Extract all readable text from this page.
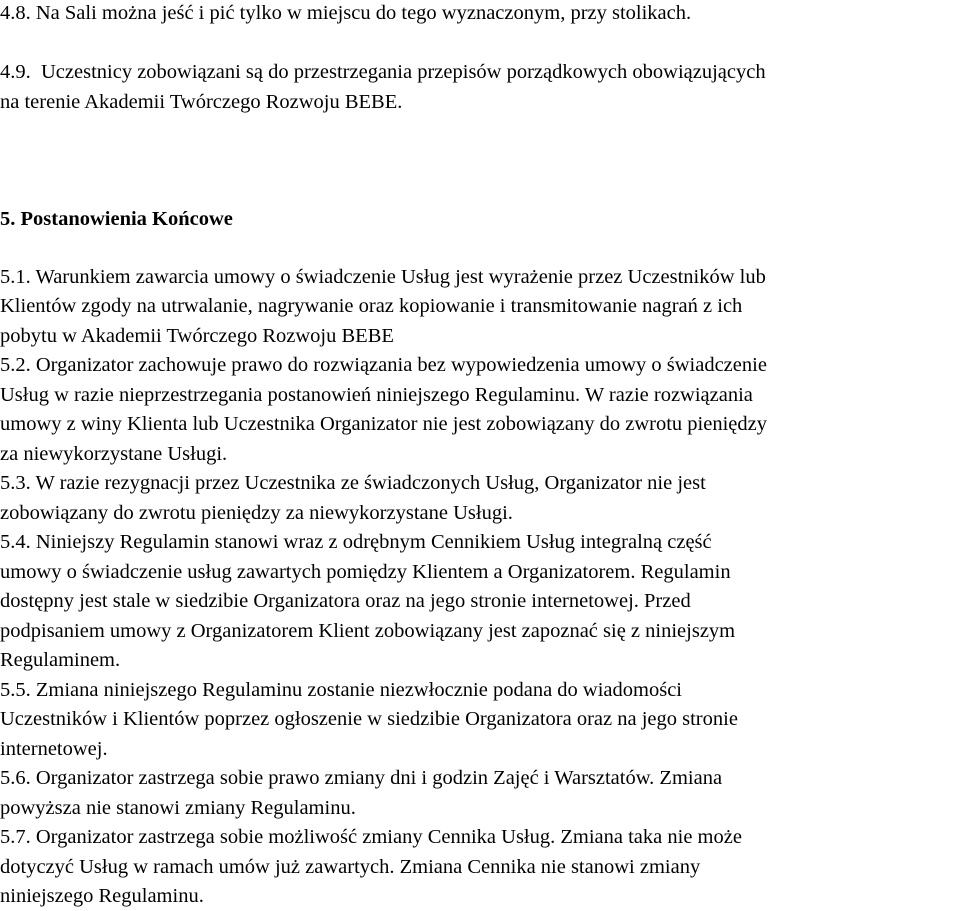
4.8. Na Sali można jeść i pić tylko w miejscu do tego wyznaczonym, przy stolikach.
4.9.  Uczestnicy zobowiązani są do przestrzegania przepisów porządkowych obowiązujących
na terenie Akademii Twórczego Rozwoju BEBE.
5. Postanowienia Końcowe
5.1. Warunkiem zawarcia umowy o świadczenie Usług jest wyrażenie przez Uczestników lub
Klientów zgody na utrwalanie, nagrywanie oraz kopiowanie i transmitowanie nagrań z ich
pobytu w Akademii Twórczego Rozwoju BEBE
5.2. Organizator zachowuje prawo do rozwiązania bez wypowiedzenia umowy o świadczenie
Usług w razie nieprzestrzegania postanowień niniejszego Regulaminu. W razie rozwiązania
umowy z winy Klienta lub Uczestnika Organizator nie jest zobowiązany do zwrotu pieniędzy
za niewykorzystane Usługi.
5.3. W razie rezygnacji przez Uczestnika ze świadczonych Usług, Organizator nie jest
zobowiązany do zwrotu pieniędzy za niewykorzystane Usługi.
5.4. Niniejszy Regulamin stanowi wraz z odrębnym Cennikiem Usług integralną część
umowy o świadczenie usług zawartych pomiędzy Klientem a Organizatorem. Regulamin
dostępny jest stale w siedzibie Organizatora oraz na jego stronie internetowej. Przed
podpisaniem umowy z Organizatorem Klient zobowiązany jest zapoznać się z niniejszym
Regulaminem.
5.5. Zmiana niniejszego Regulaminu zostanie niezwłocznie podana do wiadomości
Uczestników i Klientów poprzez ogłoszenie w siedzibie Organizatora oraz na jego stronie
internetowej.
5.6. Organizator zastrzega sobie prawo zmiany dni i godzin Zajęć i Warsztatów. Zmiana
powyższa nie stanowi zmiany Regulaminu.
5.7. Organizator zastrzega sobie możliwość zmiany Cennika Usług. Zmiana taka nie może
dotyczyć Usług w ramach umów już zawartych. Zmiana Cennika nie stanowi zmiany
niniejszego Regulaminu.
